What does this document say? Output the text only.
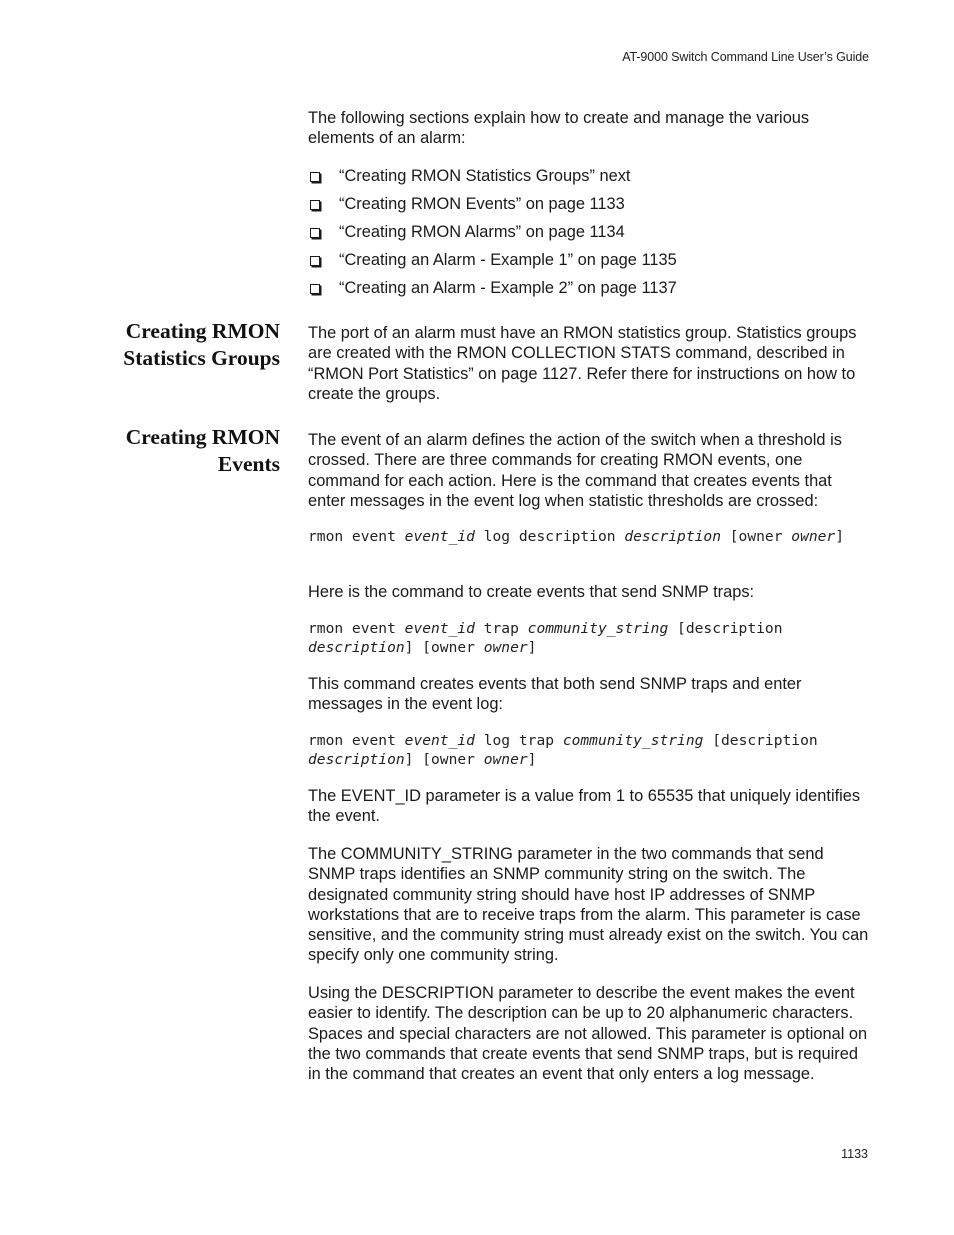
AT-9000 Switch Command Line User’s Guide

The following sections explain how to create and manage the various elements of an alarm:

“Creating RMON Statistics Groups” next
“Creating RMON Events” on page 1133
“Creating RMON Alarms” on page 1134
“Creating an Alarm - Example 1” on page 1135
“Creating an Alarm - Example 2” on page 1137
Creating RMON
Statistics Groups

The port of an alarm must have an RMON statistics group. Statistics groups are created with the RMON COLLECTION STATS command, described in “RMON Port Statistics” on page 1127. Refer there for instructions on how to create the groups.

Creating RMON
Events

The event of an alarm defines the action of the switch when a threshold is crossed. There are three commands for creating RMON events, one command for each action. Here is the command that creates events that enter messages in the event log when statistic thresholds are crossed:

rmon event event_id log description description [owner owner]

Here is the command to create events that send SNMP traps:

rmon event event_id trap community_string [description description] [owner owner]

This command creates events that both send SNMP traps and enter messages in the event log:

rmon event event_id log trap community_string [description description] [owner owner]

The EVENT_ID parameter is a value from 1 to 65535 that uniquely identifies the event.

The COMMUNITY_STRING parameter in the two commands that send SNMP traps identifies an SNMP community string on the switch. The designated community string should have host IP addresses of SNMP workstations that are to receive traps from the alarm. This parameter is case sensitive, and the community string must already exist on the switch. You can specify only one community string.

Using the DESCRIPTION parameter to describe the event makes the event easier to identify. The description can be up to 20 alphanumeric characters. Spaces and special characters are not allowed. This parameter is optional on the two commands that create events that send SNMP traps, but is required in the command that creates an event that only enters a log message.

1133
